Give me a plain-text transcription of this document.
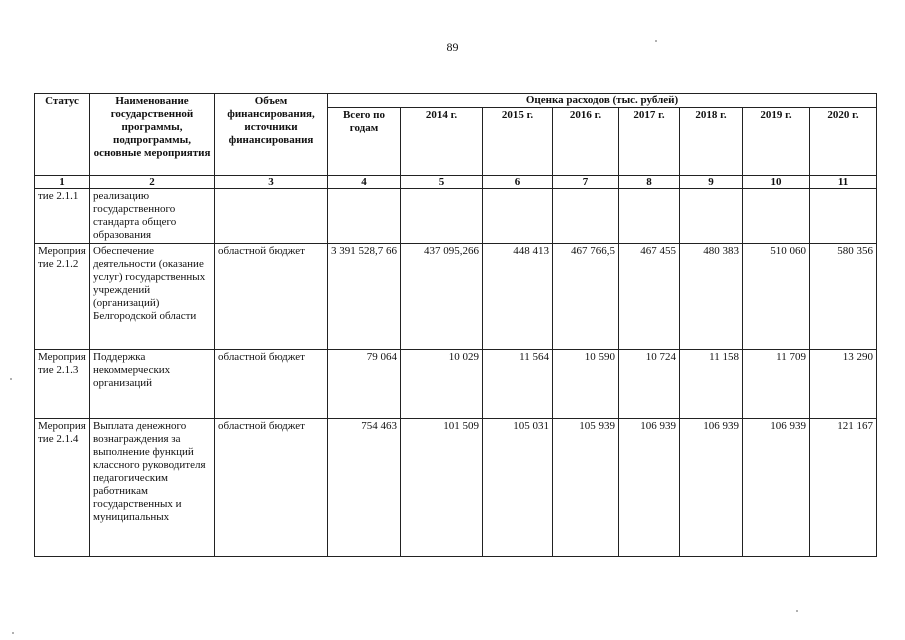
89
Статус	Наименование государственной программы, подпрограммы, основные мероприятия	Объем финансирования, источники финансирования	Оценка расходов (тыс. рублей)							
			Всего по годам	2014 г.	2015 г.	2016 г.	2017 г.	2018 г.	2019 г.	2020 г.
1	2	3	4	5	6	7	8	9	10	11
тие 2.1.1	реализацию государственного стандарта общего образования									
Мероприя тие 2.1.2	Обеспечение деятельности (оказание услуг) государственных учреждений (организаций) Белгородской области	областной бюджет	3 391 528,7 66	437 095,266	448 413	467 766,5	467 455	480 383	510 060	580 356
Мероприя тие 2.1.3	Поддержка некоммерческих организаций	областной бюджет	79 064	10 029	11 564	10 590	10 724	11 158	11 709	13 290
Мероприя тие 2.1.4	Выплата денежного вознаграждения за выполнение функций классного руководителя педагогическим работникам государственных и муниципальных	областной бюджет	754 463	101 509	105 031	105 939	106 939	106 939	106 939	121 167
